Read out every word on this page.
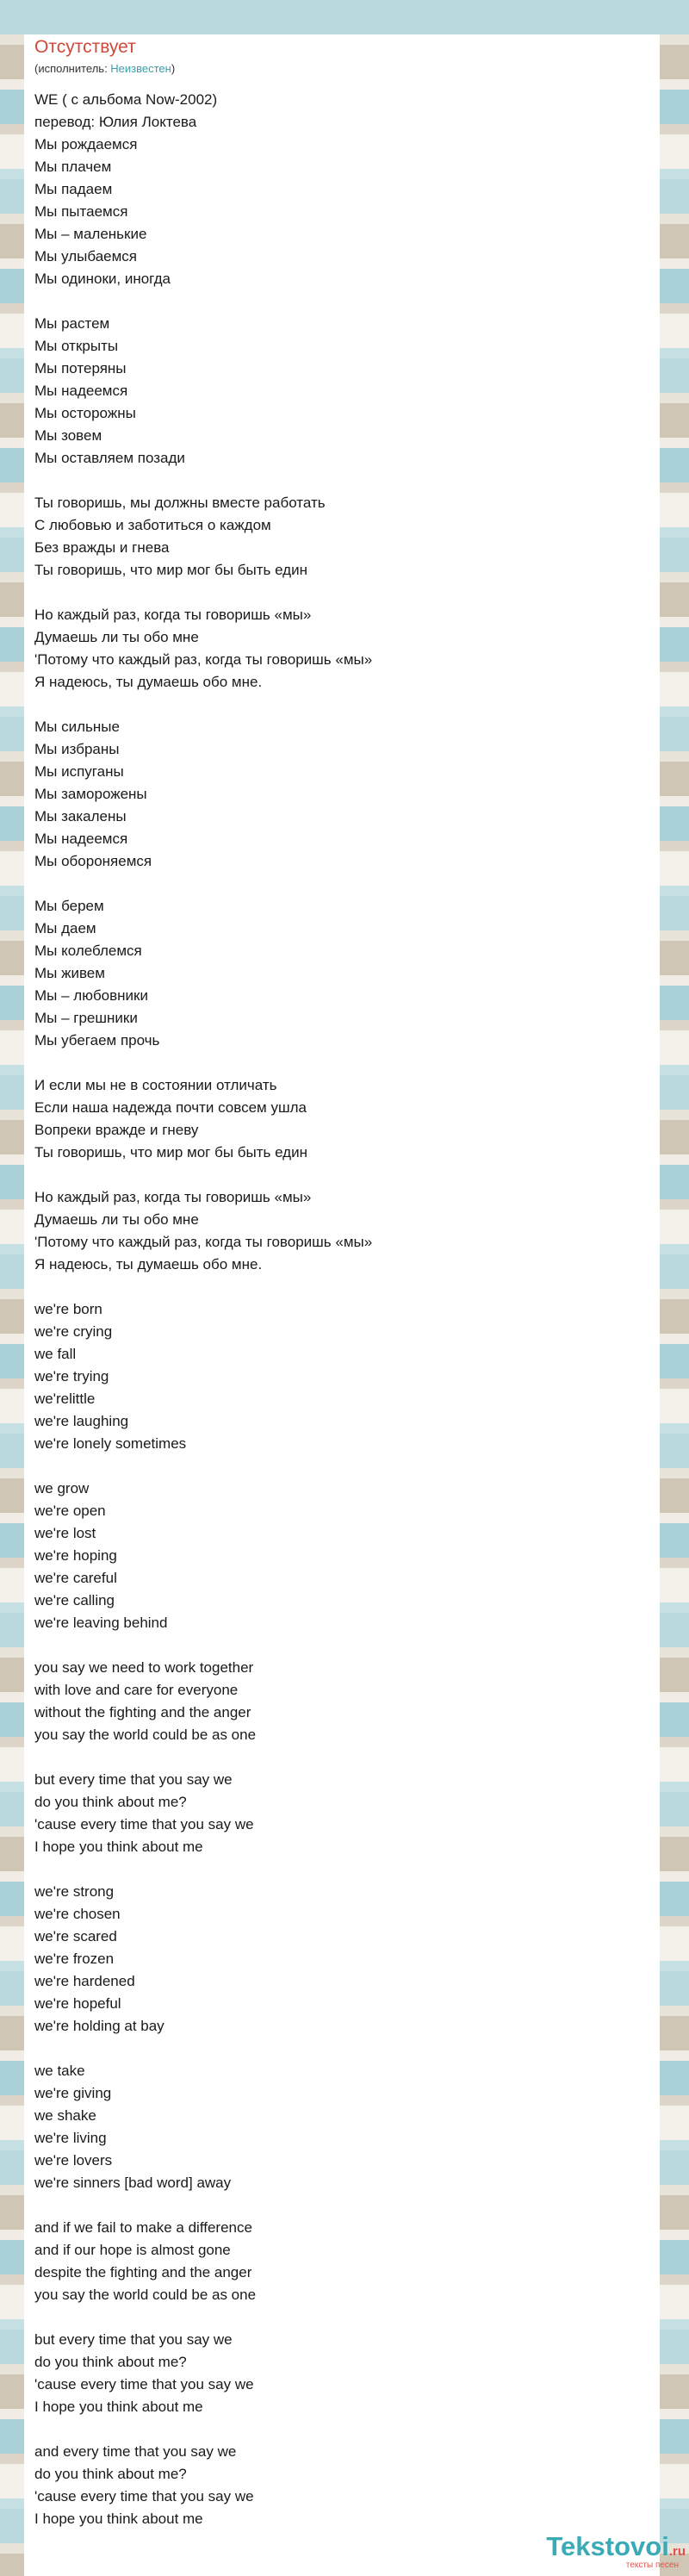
Отсутствует
(исполнитель: Неизвестен)
WE ( с альбома Now-2002)
перевод: Юлия Локтева
Мы рождаемся
Мы плачем
Мы падаем
Мы пытаемся
Мы – маленькие
Мы улыбаемся
Мы одиноки, иногда
Мы растем
Мы открыты
Мы потеряны
Мы надеемся
Мы осторожны
Мы зовем
Мы оставляем позади
Ты говоришь, мы должны вместе работать
С любовью и заботиться о каждом
Без вражды и гнева
Ты говоришь, что мир мог бы быть един
Но каждый раз, когда ты говоришь «мы»
Думаешь ли ты обо мне
'Потому что каждый раз, когда ты говоришь «мы»
Я надеюсь, ты думаешь обо мне.
Мы сильные
Мы избраны
Мы испуганы
Мы заморожены
Мы закалены
Мы надеемся
Мы обороняемся
Мы берем
Мы даем
Мы колеблемся
Мы живем
Мы – любовники
Мы – грешники
Мы убегаем прочь
И если мы не в состоянии отличать
Если наша надежда почти совсем ушла
Вопреки вражде и гневу
Ты говоришь, что мир мог бы быть един
Но каждый раз, когда ты говоришь «мы»
Думаешь ли ты обо мне
'Потому что каждый раз, когда ты говоришь «мы»
Я надеюсь, ты думаешь обо мне.
we're born
we're crying
we fall
we're trying
we'relittle
we're laughing
we're lonely sometimes
we grow
we're open
we're lost
we're hoping
we're careful
we're calling
we're leaving behind
you say we need to work together
with love and care for everyone
without the fighting and the anger
you say the world could be as one
but every time that you say we
do you think about me?
'cause every time that you say we
I hope you think about me
we're strong
we're chosen
we're scared
we're frozen
we're hardened
we're hopeful
we're holding at bay
we take
we're giving
we shake
we're living
we're lovers
we're sinners [bad word] away
and if we fail to make a difference
and if our hope is almost gone
despite the fighting and the anger
you say the world could be as one
but every time that you say we
do you think about me?
'cause every time that you say we
I hope you think about me
and every time that you say we
do you think about me?
'cause every time that you say we
I hope you think about me
Tekstovoi.ru
тексты песен
